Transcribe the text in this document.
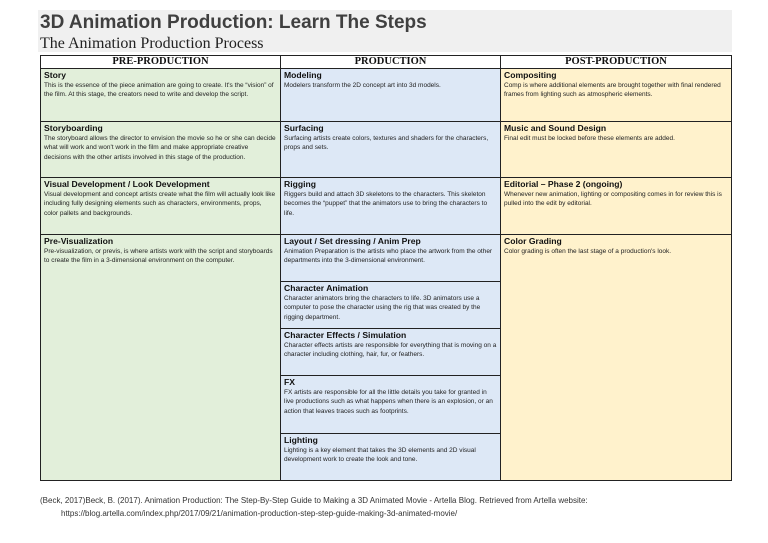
3D Animation Production: Learn The Steps
The Animation Production Process
PRE-PRODUCTION	PRODUCTION	POST-PRODUCTION
Story
This is the essence of the piece animation are going to create. It's the “vision” of the film. At this stage, the creators need to write and develop the script.
Storyboarding
The storyboard allows the director to envision the movie so he or she can decide what will work and won't work in the film and make appropriate creative decisions with the other artists involved in this stage of the production.
Visual Development / Look Development
Visual development and concept artists create what the film will actually look like including fully designing elements such as characters, environments, props, color pallets and backgrounds.
Pre-Visualization
Pre-visualization, or previs, is where artists work with the script and storyboards to create the film in a 3-dimensional environment on the computer.
Modeling
Modelers transform the 2D concept art into 3d models.
Surfacing
Surfacing artists create colors, textures and shaders for the characters, props and sets.
Rigging
Riggers build and attach 3D skeletons to the characters. This skeleton becomes the “puppet” that the animators use to bring the characters to life.
Layout / Set dressing / Anim Prep
Animation Preparation is the artists who place the artwork from the other departments into the 3-dimensional environment.
Character Animation
Character animators bring the characters to life. 3D animators use a computer to pose the character using the rig that was created by the rigging department.
Character Effects / Simulation
Character effects artists are responsible for everything that is moving on a character including clothing, hair, fur, or feathers.
FX
FX artists are responsible for all the little details you take for granted in live productions such as what happens when there is an explosion, or an action that leaves traces such as footprints.
Lighting
Lighting is a key element that takes the 3D elements and 2D visual development work to create the look and tone.
Compositing
Comp is where additional elements are brought together with final rendered frames from lighting such as atmospheric elements.
Music and Sound Design
Final edit must be locked before these elements are added.
Editorial – Phase 2 (ongoing)
Whenever new animation, lighting or compositing comes in for review this is pulled into the edit by editorial.
Color Grading
Color grading is often the last stage of a production's look.
(Beck, 2017)Beck, B. (2017). Animation Production: The Step-By-Step Guide to Making a 3D Animated Movie - Artella Blog. Retrieved from Artella website:
https://blog.artella.com/index.php/2017/09/21/animation-production-step-step-guide-making-3d-animated-movie/
